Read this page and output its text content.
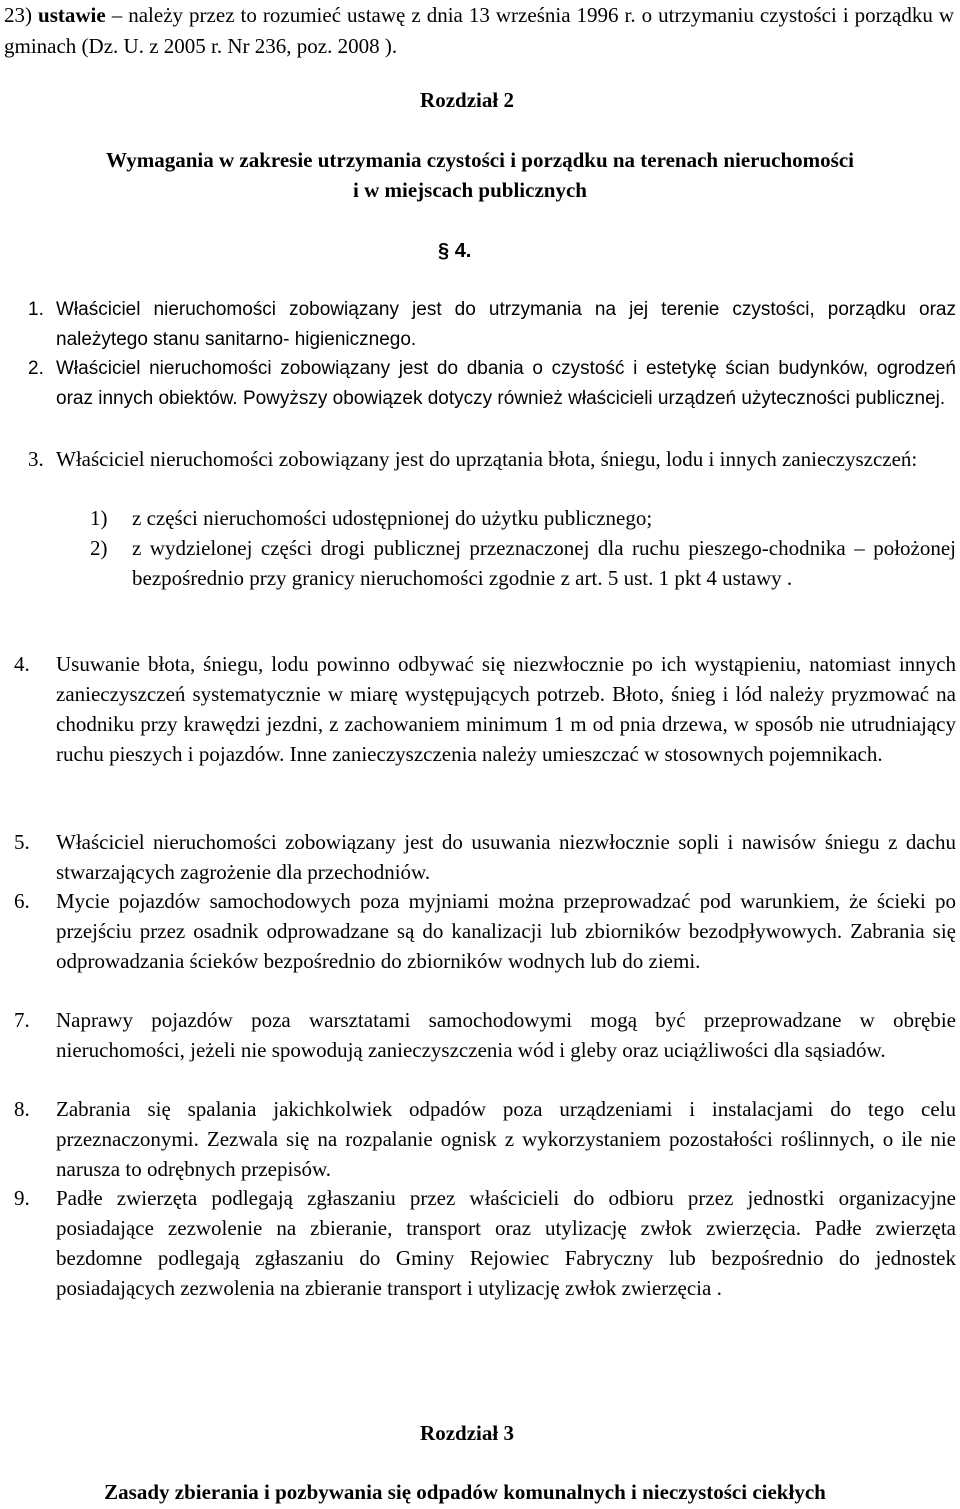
23) ustawie – należy przez to rozumieć ustawę z dnia 13 września 1996 r. o utrzymaniu czystości i porządku w gminach (Dz. U. z 2005 r. Nr 236, poz. 2008 ).
Rozdział 2
Wymagania w zakresie utrzymania czystości i porządku na terenach nieruchomości
i w miejscach publicznych
§ 4.
1. Właściciel nieruchomości zobowiązany jest do utrzymania na jej terenie czystości, porządku oraz należytego stanu sanitarno- higienicznego.
2. Właściciel nieruchomości zobowiązany jest do dbania o czystość i estetykę ścian budynków, ogrodzeń oraz innych obiektów. Powyższy obowiązek dotyczy również właścicieli urządzeń użyteczności publicznej.
3. Właściciel nieruchomości zobowiązany jest do uprzątania błota, śniegu, lodu i innych zanieczyszczeń:
1) z części nieruchomości udostępnionej do użytku publicznego;
2) z wydzielonej części drogi publicznej przeznaczonej dla ruchu pieszego-chodnika – położonej bezpośrednio przy granicy nieruchomości zgodnie z art. 5 ust. 1 pkt 4 ustawy .
4. Usuwanie błota, śniegu, lodu powinno odbywać się niezwłocznie po ich wystąpieniu, natomiast innych zanieczyszczeń systematycznie w miarę występujących potrzeb. Błoto, śnieg i lód należy pryzmować na chodniku przy krawędzi jezdni, z zachowaniem minimum 1 m od pnia drzewa, w sposób nie utrudniający ruchu pieszych i pojazdów. Inne zanieczyszczenia należy umieszczać w stosownych pojemnikach.
5. Właściciel nieruchomości zobowiązany jest do usuwania niezwłocznie sopli i nawisów śniegu z dachu stwarzających zagrożenie dla przechodniów.
6. Mycie pojazdów samochodowych poza myjniami można przeprowadzać pod warunkiem, że ścieki po przejściu przez osadnik odprowadzane są do kanalizacji lub zbiorników bezodpływowych. Zabrania się odprowadzania ścieków bezpośrednio do zbiorników wodnych lub do ziemi.
7. Naprawy pojazdów poza warsztatami samochodowymi mogą być przeprowadzane w obrębie nieruchomości, jeżeli nie spowodują zanieczyszczenia wód i gleby oraz uciążliwości dla sąsiadów.
8. Zabrania się spalania jakichkolwiek odpadów poza urządzeniami i instalacjami do tego celu przeznaczonymi. Zezwala się na rozpalanie ognisk z wykorzystaniem pozostałości roślinnych, o ile nie narusza to odrębnych przepisów.
9. Padłe zwierzęta podlegają zgłaszaniu przez właścicieli do odbioru przez jednostki organizacyjne posiadające zezwolenie na zbieranie, transport oraz utylizację zwłok zwierzęcia. Padłe zwierzęta bezdomne podlegają zgłaszaniu do Gminy Rejowiec Fabryczny lub bezpośrednio do jednostek posiadających zezwolenia na zbieranie transport i utylizację zwłok zwierzęcia .
Rozdział 3
Zasady zbierania i pozbywania się odpadów komunalnych i nieczystości ciekłych
